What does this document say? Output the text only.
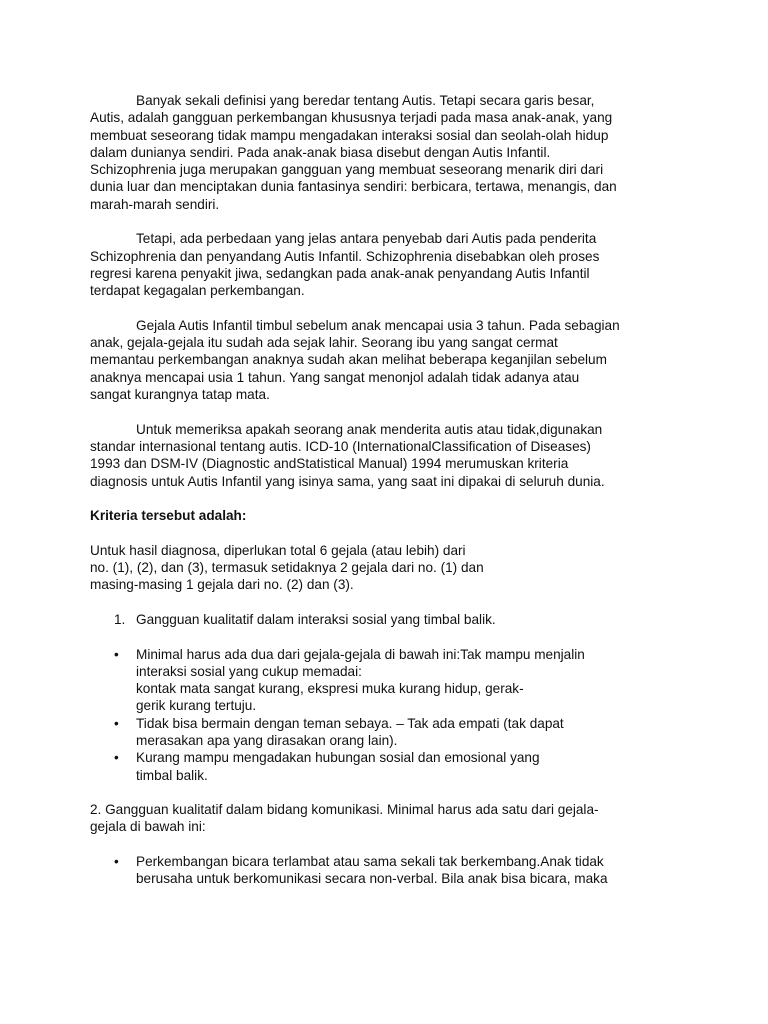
Banyak sekali definisi yang beredar tentang Autis. Tetapi secara garis besar,
Autis, adalah gangguan perkembangan khususnya terjadi pada masa anak-anak, yang
membuat seseorang tidak mampu mengadakan interaksi sosial dan seolah-olah hidup
dalam dunianya sendiri. Pada anak-anak biasa disebut dengan Autis Infantil.
Schizophrenia juga merupakan gangguan yang membuat seseorang menarik diri dari
dunia luar dan menciptakan dunia fantasinya sendiri: berbicara, tertawa, menangis, dan
marah-marah sendiri.
Tetapi, ada perbedaan yang jelas antara penyebab dari Autis pada penderita
Schizophrenia dan penyandang Autis Infantil. Schizophrenia disebabkan oleh proses
regresi karena penyakit jiwa, sedangkan pada anak-anak penyandang Autis Infantil
terdapat kegagalan perkembangan.
Gejala Autis Infantil timbul sebelum anak mencapai usia 3 tahun. Pada sebagian
anak, gejala-gejala itu sudah ada sejak lahir. Seorang ibu yang sangat cermat
memantau perkembangan anaknya sudah akan melihat beberapa keganjilan sebelum
anaknya mencapai usia 1 tahun. Yang sangat menonjol adalah tidak adanya atau
sangat kurangnya tatap mata.
Untuk memeriksa apakah seorang anak menderita autis atau tidak,digunakan
standar internasional tentang autis. ICD-10 (InternationalClassification of Diseases)
1993 dan DSM-IV (Diagnostic andStatistical Manual) 1994 merumuskan kriteria
diagnosis untuk Autis Infantil yang isinya sama, yang saat ini dipakai di seluruh dunia.
Kriteria tersebut adalah:
Untuk hasil diagnosa, diperlukan total 6 gejala (atau lebih) dari
no. (1), (2), dan (3), termasuk setidaknya 2 gejala dari no. (1) dan
masing-masing 1 gejala dari no. (2) dan (3).
1. Gangguan kualitatif dalam interaksi sosial yang timbal balik.
• Minimal harus ada dua dari gejala-gejala di bawah ini:Tak mampu menjalin
interaksi sosial yang cukup memadai:
kontak mata sangat kurang, ekspresi muka kurang hidup, gerak-
gerik kurang tertuju.
• Tidak bisa bermain dengan teman sebaya. – Tak ada empati (tak dapat
merasakan apa yang dirasakan orang lain).
• Kurang mampu mengadakan hubungan sosial dan emosional yang
timbal balik.
2. Gangguan kualitatif dalam bidang komunikasi. Minimal harus ada satu dari gejala-
gejala di bawah ini:
• Perkembangan bicara terlambat atau sama sekali tak berkembang.Anak tidak
berusaha untuk berkomunikasi secara non-verbal. Bila anak bisa bicara, maka
